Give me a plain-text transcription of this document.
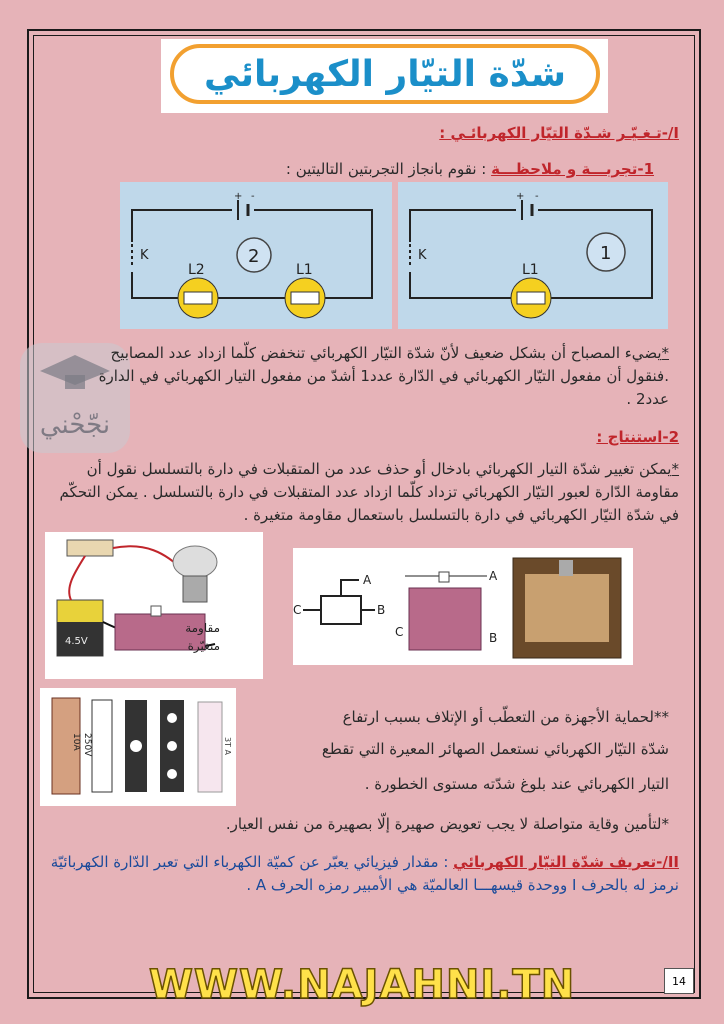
شدّة التيّار الكهربائي
I/-تـغـيّـر شـدّة التيّار الكهربائـي :
1-تجربـــة و ملاحظـــة : نقوم بانجاز التجربتين التاليتين :
+ -
K	2
L2	L1
+ -
K	1
L1
نجّحْني
*يضيء المصباح أن بشكل ضعيف لأنّ شدّة التيّار الكهربائي تنخفض كلّما ازداد عدد المصابيح .فنقول أن مفعول التيّار الكهربائي في الدّارة عدد1 أشدّ من مفعول التيار الكهربائي في الدارة عدد2 .
2-استنتاج :
*يمكن تغيير شدّة التيار الكهربائي بادخال أو حذف عدد من المتقبلات في دارة بالتسلسل نقول أن مقاومة الدّارة لعبور التيّار الكهربائي تزداد كلّما ازداد عدد المتقبلات في دارة بالتسلسل . يمكن التحكّم في شدّة التيّار الكهربائي في دارة بالتسلسل باستعمال مقاومة متغيرة .
4.5V
مقاومة
متغيّرة
A
B
C
A
B
C
10A 250V	3T A
**لحماية الأجهزة من التعطّب أو الإتلاف بسبب ارتفاع
شدّة التيّار الكهربائي نستعمل الصهائر المعيرة التي تقطع
التيار الكهربائي عند بلوغ شدّته مستوى الخطورة .
*لتأمين وقاية متواصلة لا يجب تعويض صهيرة إلّا بصهيرة من نفس العيار.
II/-تعريف شدّة التيّار الكهربائي : مقدار فيزيائي يعبّر عن كميّة الكهرباء التي تعبر الدّارة الكهربائيّة نرمز له بالحرف I ووحدة قيسهـــا العالميّة هي الأمبير رمزه الحرف A .
14
WWW.NAJAHNI.TN
